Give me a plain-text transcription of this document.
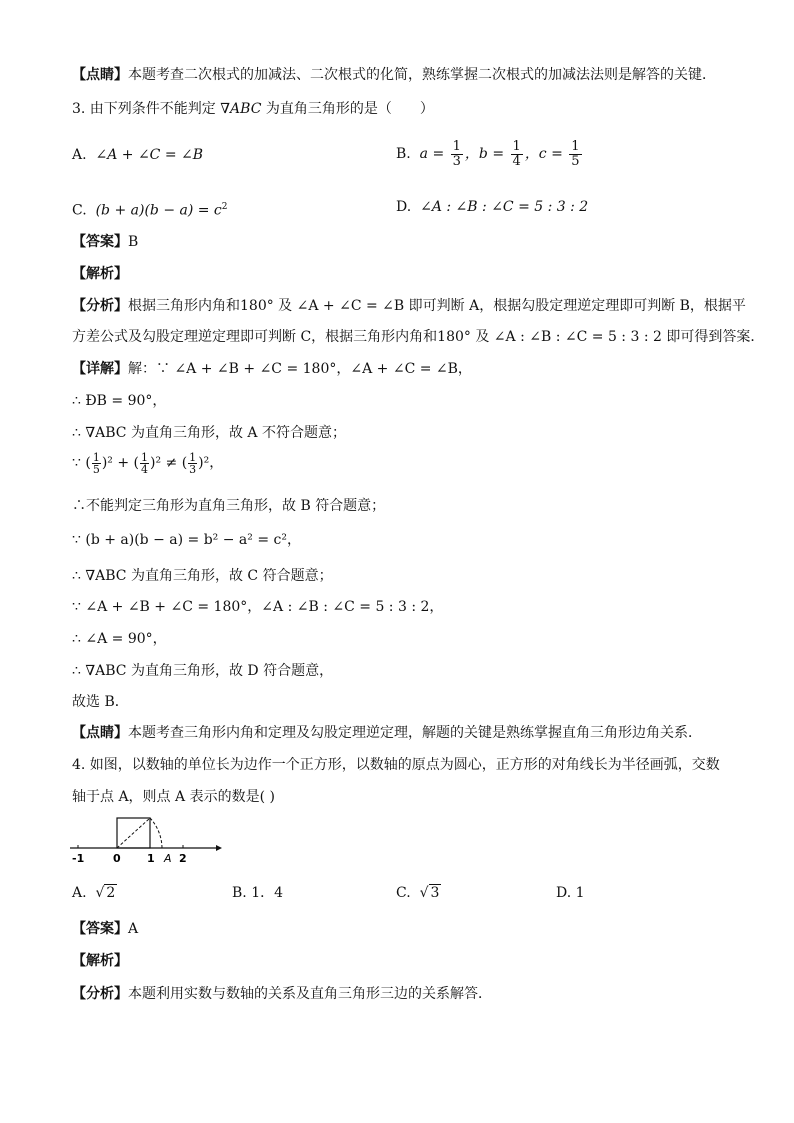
【点睛】本题考查二次根式的加减法、二次根式的化简，熟练掌握二次根式的加减法法则是解答的关键．
3. 由下列条件不能判定 ∇ABC 为直角三角形的是（　　）
A. ∠A + ∠C = ∠B	B. $a = \frac{1}{3}$ ，$b = \frac{1}{4}$ ，$c = \frac{1}{5}$
C. $(b + a)(b - a) = c^2$	D. ∠A : ∠B : ∠C = 5 : 3 : 2
【答案】B
【解析】
【分析】根据三角形内角和180° 及 ∠A + ∠C = ∠B 即可判断 A，根据勾股定理逆定理即可判断 B，根据平
方差公式及勾股定理逆定理即可判断 C，根据三角形内角和180° 及 ∠A : ∠B : ∠C = 5 : 3 : 2 即可得到答案．
【详解】解：∵ ∠A + ∠B + ∠C = 180°，∠A + ∠C = ∠B，
∴ ÐB = 90°，
∴ ∇ABC 为直角三角形，故 A 不符合题意；
∵ ( $\frac{1}{5} )^2$ + ( $\frac{1}{4} )^2$ ≠ ( $\frac{1}{3} )^2$，
∴不能判定三角形为直角三角形，故 B 符合题意；
∵ (b + a)(b − a) = b² − a² = c²，
∴ ∇ABC 为直角三角形，故 C 符合题意；
∵ ∠A + ∠B + ∠C = 180°，∠A : ∠B : ∠C = 5 : 3 : 2，
∴ ∠A = 90°，
∴ ∇ABC 为直角三角形，故 D 符合题意，
故选 B．
【点睛】本题考查三角形内角和定理及勾股定理逆定理，解题的关键是熟练掌握直角三角形边角关系．
4. 如图，以数轴的单位长为边作一个正方形，以数轴的原点为圆心，正方形的对角线长为半径画弧，交数
轴于点 A，则点 A 表示的数是( )
-1	0 1 A 2
A. √ 2	B. 1．4	C. √ 3	D. 1
【答案】A
【解析】
【分析】本题利用实数与数轴的关系及直角三角形三边的关系解答．
